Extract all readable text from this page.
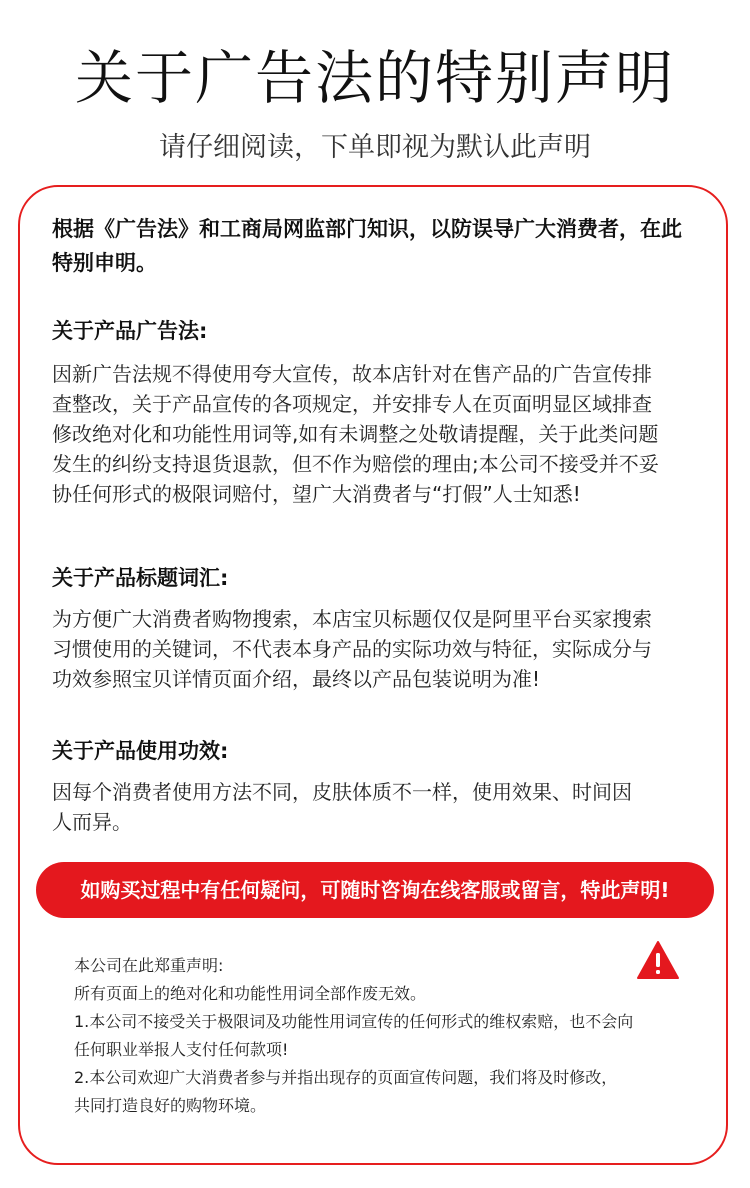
关于广告法的特别声明
请仔细阅读，下单即视为默认此声明
根据《广告法》和工商局网监部门知识，以防误导广大消费者，在此特别申明。
关于产品广告法:
因新广告法规不得使用夸大宣传，故本店针对在售产品的广告宣传排
查整改，关于产品宣传的各项规定，并安排专人在页面明显区域排查
修改绝对化和功能性用词等,如有未调整之处敬请提醒，关于此类问题
发生的纠纷支持退货退款，但不作为赔偿的理由;本公司不接受并不妥
协任何形式的极限词赔付，望广大消费者与“打假”人士知悉!
关于产品标题词汇:
为方便广大消费者购物搜索，本店宝贝标题仅仅是阿里平台买家搜索
习惯使用的关键词，不代表本身产品的实际功效与特征，实际成分与
功效参照宝贝详情页面介绍，最终以产品包装说明为准!
关于产品使用功效:
因每个消费者使用方法不同，皮肤体质不一样，使用效果、时间因
人而异。
如购买过程中有任何疑问，可随时咨询在线客服或留言，特此声明!
本公司在此郑重声明:
所有页面上的绝对化和功能性用词全部作废无效。
1.本公司不接受关于极限词及功能性用词宣传的任何形式的维权索赔，也不会向
任何职业举报人支付任何款项!
2.本公司欢迎广大消费者参与并指出现存的页面宣传问题，我们将及时修改，
共同打造良好的购物环境。
